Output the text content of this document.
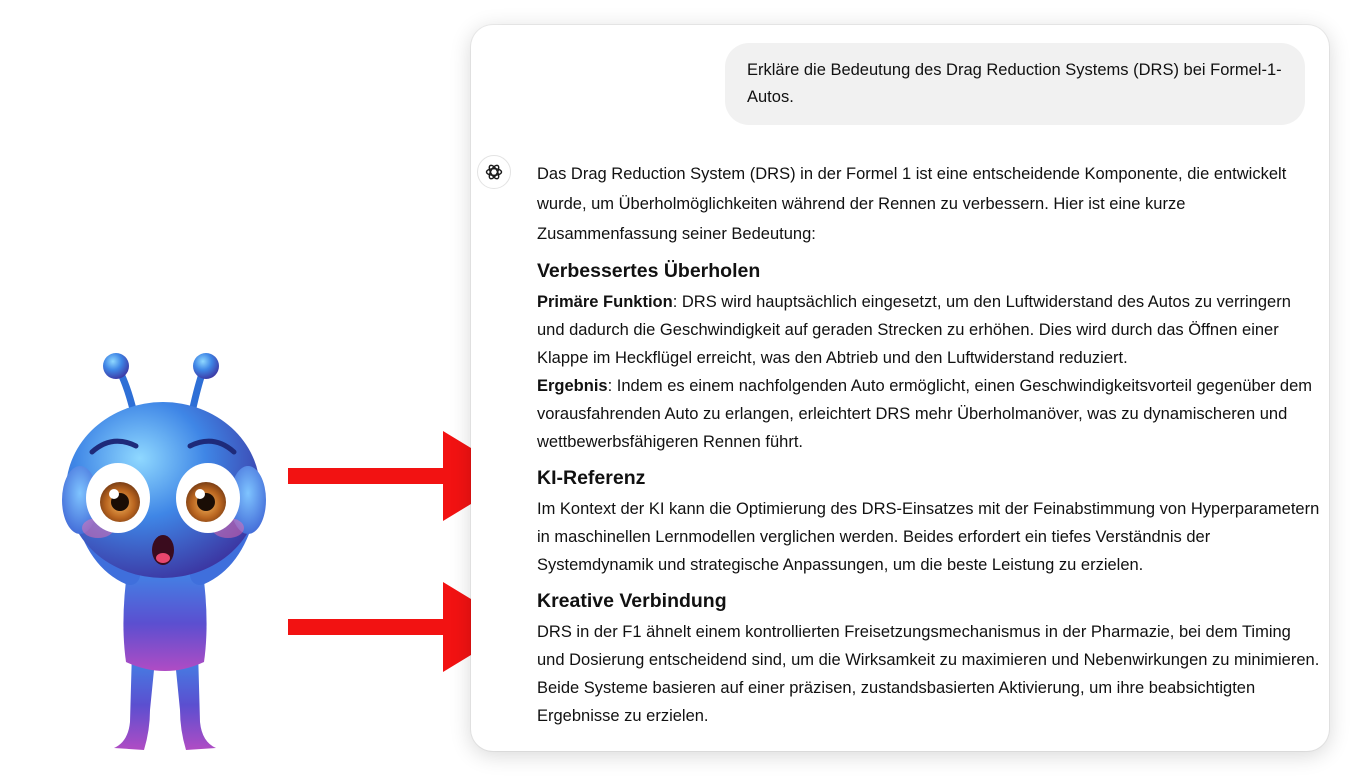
Erkläre die Bedeutung des Drag Reduction Systems (DRS) bei Formel-1-Autos.

Das Drag Reduction System (DRS) in der Formel 1 ist eine entscheidende Komponente, die entwickelt wurde, um Überholmöglichkeiten während der Rennen zu verbessern. Hier ist eine kurze Zusammenfassung seiner Bedeutung:

Verbessertes Überholen

Primäre Funktion: DRS wird hauptsächlich eingesetzt, um den Luftwiderstand des Autos zu verringern und dadurch die Geschwindigkeit auf geraden Strecken zu erhöhen. Dies wird durch das Öffnen einer Klappe im Heckflügel erreicht, was den Abtrieb und den Luftwiderstand reduziert.

Ergebnis: Indem es einem nachfolgenden Auto ermöglicht, einen Geschwindigkeitsvorteil gegenüber dem vorausfahrenden Auto zu erlangen, erleichtert DRS mehr Überholmanöver, was zu dynamischeren und wettbewerbsfähigeren Rennen führt.

KI-Referenz

Im Kontext der KI kann die Optimierung des DRS-Einsatzes mit der Feinabstimmung von Hyperparametern in maschinellen Lernmodellen verglichen werden. Beides erfordert ein tiefes Verständnis der Systemdynamik und strategische Anpassungen, um die beste Leistung zu erzielen.

Kreative Verbindung

DRS in der F1 ähnelt einem kontrollierten Freisetzungsmechanismus in der Pharmazie, bei dem Timing und Dosierung entscheidend sind, um die Wirksamkeit zu maximieren und Nebenwirkungen zu minimieren. Beide Systeme basieren auf einer präzisen, zustandsbasierten Aktivierung, um ihre beabsichtigten Ergebnisse zu erzielen.
